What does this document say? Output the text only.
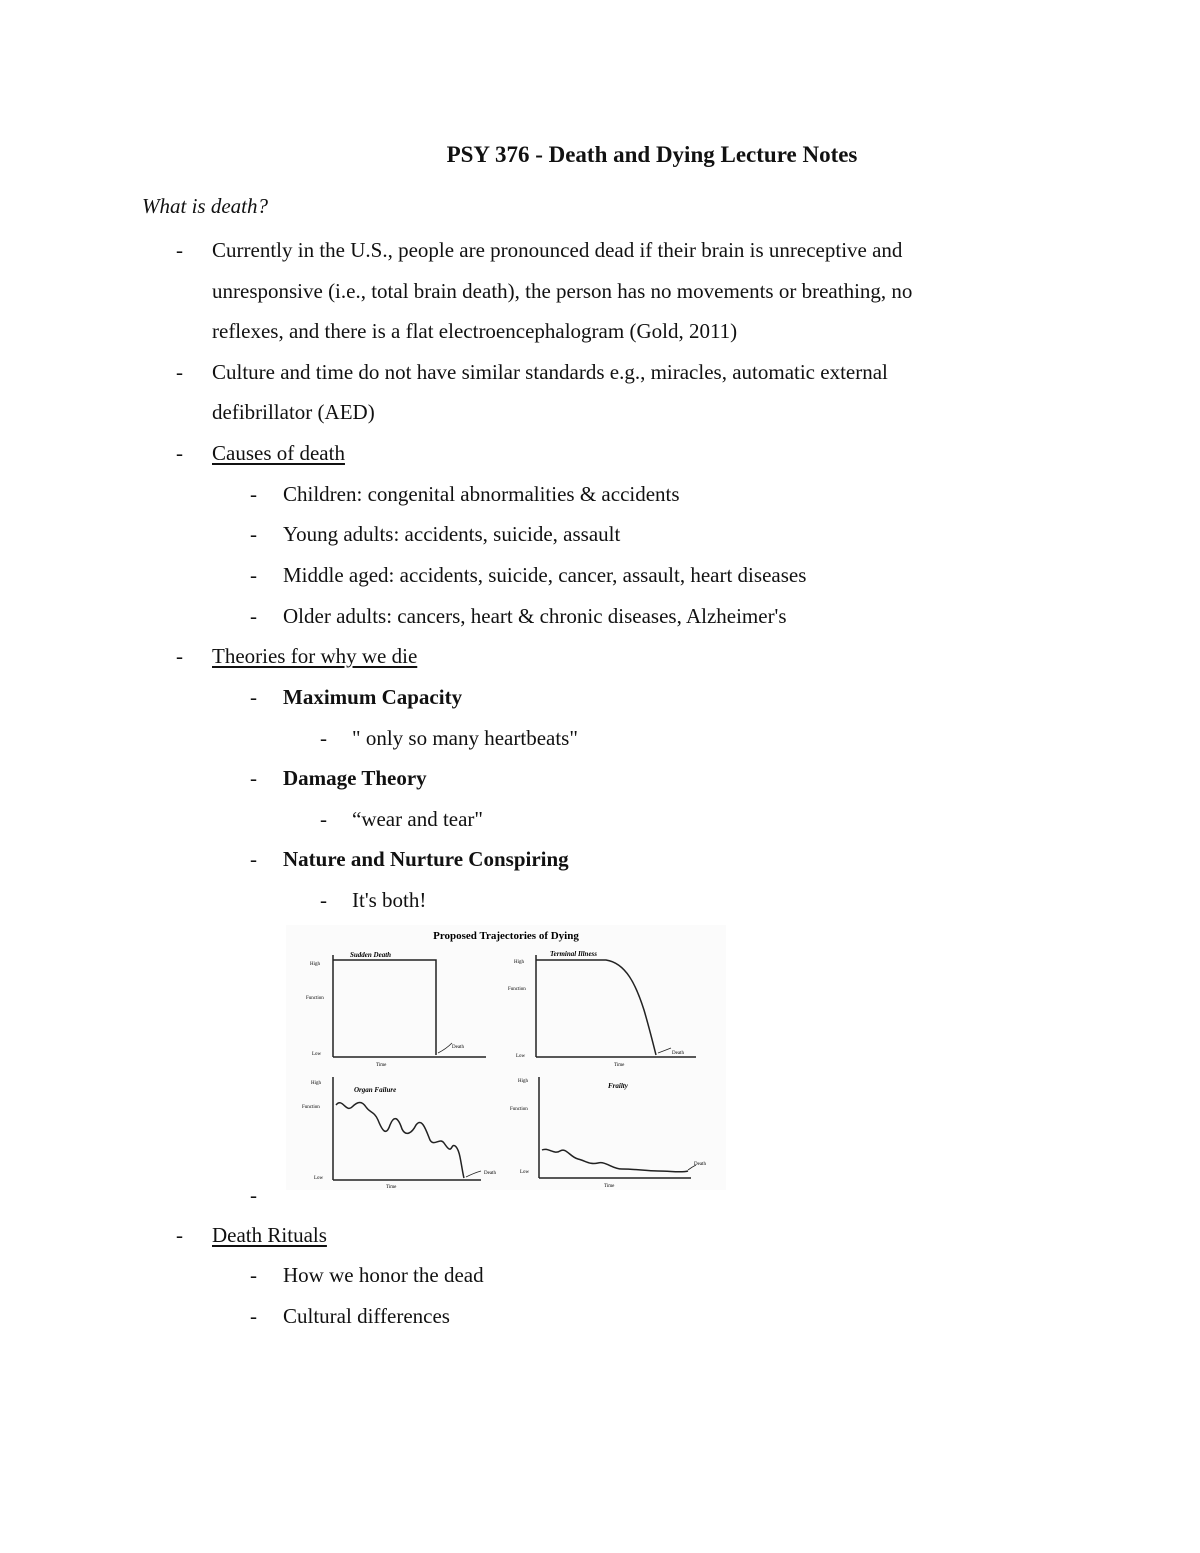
PSY 376 - Death and Dying Lecture Notes
What is death?
- Currently in the U.S., people are pronounced dead if their brain is unreceptive and
unresponsive (i.e., total brain death), the person has no movements or breathing, no
reflexes, and there is a flat electroencephalogram (Gold, 2011)
- Culture and time do not have similar standards e.g., miracles, automatic external
defibrillator (AED)
- Causes of death
- Children: congenital abnormalities & accidents
- Young adults: accidents, suicide, assault
- Middle aged: accidents, suicide, cancer, assault, heart diseases
- Older adults: cancers, heart & chronic diseases, Alzheimer's
- Theories for why we die
- Maximum Capacity
- " only so many heartbeats"
- Damage Theory
- “wear and tear"
- Nature and Nurture Conspiring
- It's both!
Proposed Trajectories of Dying
Sudden Death
High
Function
Low
Time
Death
Terminal Illness
High
Function
Low
Time
Death
Organ Failure
High
Function
Low
Time
Death
Frailty
High
Function
Low
Time
Death
-
- Death Rituals
- How we honor the dead
- Cultural differences
